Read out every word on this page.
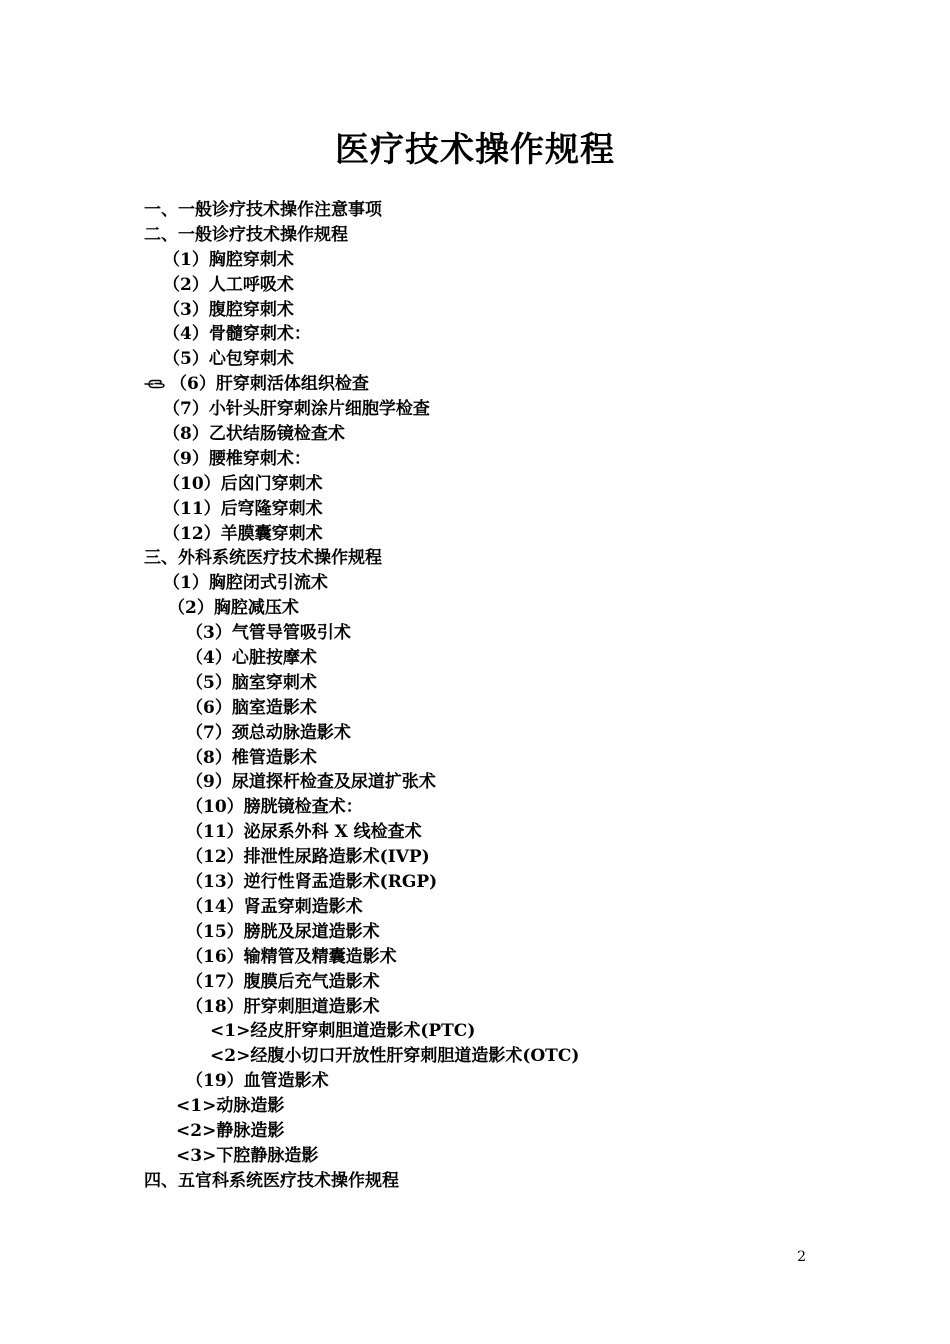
医疗技术操作规程
一、一般诊疗技术操作注意事项
二、一般诊疗技术操作规程
（1）胸腔穿刺术
（2）人工呼吸术
（3）腹腔穿刺术
（4）骨髓穿刺术：
（5）心包穿刺术
（6）肝穿刺活体组织检查
（7）小针头肝穿刺涂片细胞学检查
（8）乙状结肠镜检查术
（9）腰椎穿刺术：
（10）后囟门穿刺术
（11）后穹隆穿刺术
（12）羊膜囊穿刺术
三、外科系统医疗技术操作规程
（1）胸腔闭式引流术
（2）胸腔减压术
（3）气管导管吸引术
（4）心脏按摩术
（5）脑室穿刺术
（6）脑室造影术
（7）颈总动脉造影术
（8）椎管造影术
（9）尿道探杆检查及尿道扩张术
（10）膀胱镜检查术：
（11）泌尿系外科 X 线检查术
（12）排泄性尿路造影术(IVP)
（13）逆行性肾盂造影术(RGP)
（14）肾盂穿刺造影术
（15）膀胱及尿道造影术
（16）输精管及精囊造影术
（17）腹膜后充气造影术
（18）肝穿刺胆道造影术
<1>经皮肝穿刺胆道造影术(PTC)
<2>经腹小切口开放性肝穿刺胆道造影术(OTC)
（19）血管造影术
<1>动脉造影
<2>静脉造影
<3>下腔静脉造影
四、五官科系统医疗技术操作规程
2
